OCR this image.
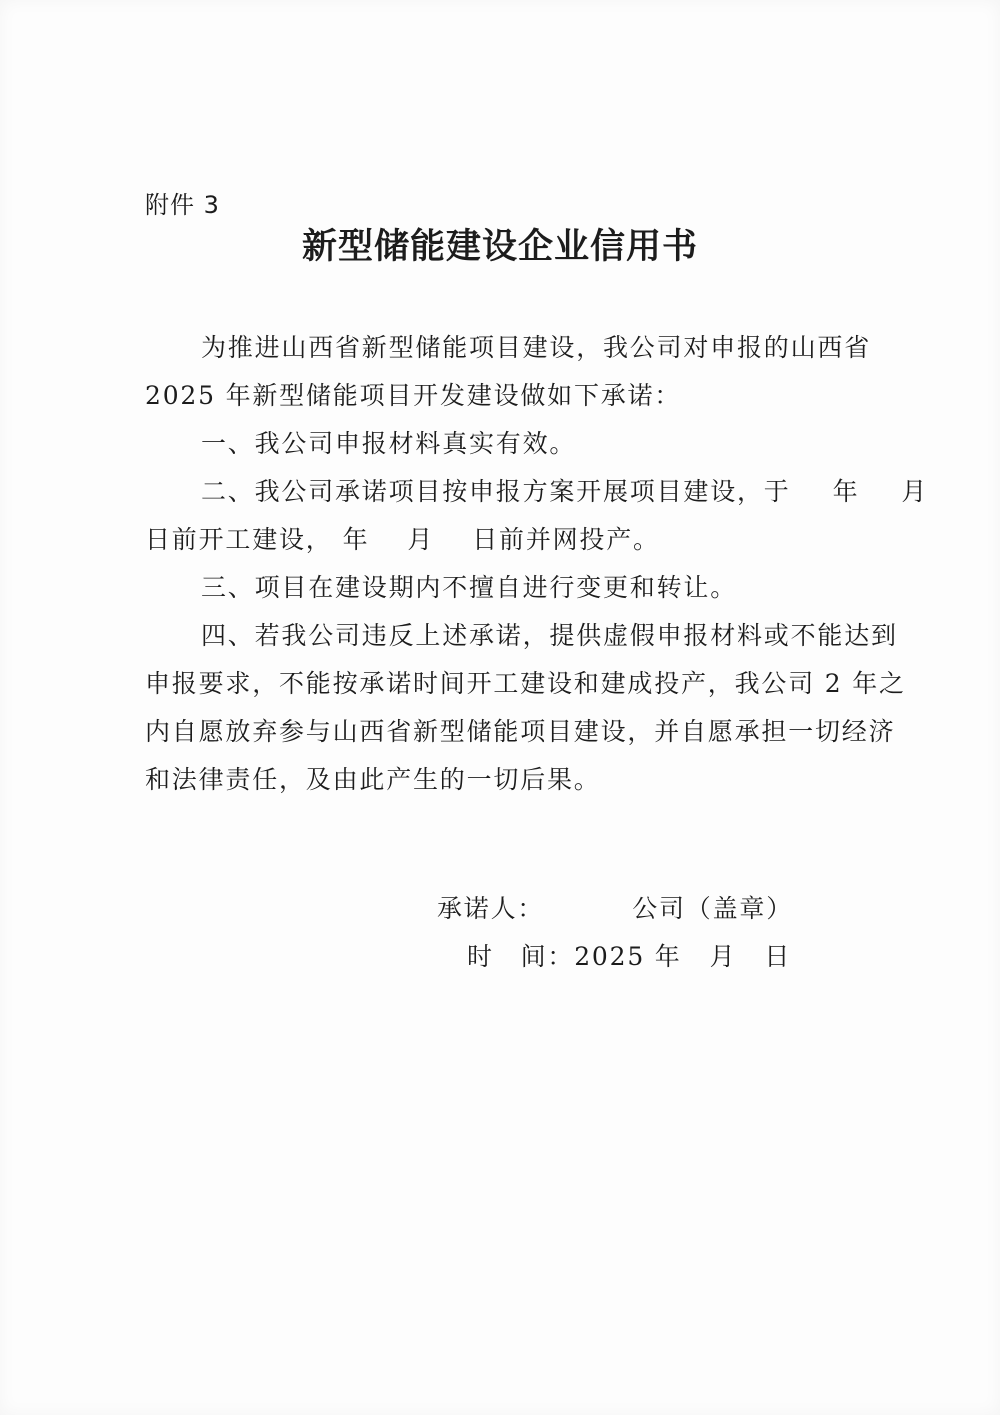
附件 3
新型储能建设企业信用书
为推进山西省新型储能项目建设，我公司对申报的山西省
2025 年新型储能项目开发建设做如下承诺：
一、我公司申报材料真实有效。
二、我公司承诺项目按申报方案开展项目建设，于 年 月
日前开工建设， 年 月 日前并网投产。
三、项目在建设期内不擅自进行变更和转让。
四、若我公司违反上述承诺，提供虚假申报材料或不能达到
申报要求，不能按承诺时间开工建设和建成投产，我公司 2 年之
内自愿放弃参与山西省新型储能项目建设，并自愿承担一切经济
和法律责任，及由此产生的一切后果。
承诺人：	公司（盖章）
时　间：2025 年 月 日
